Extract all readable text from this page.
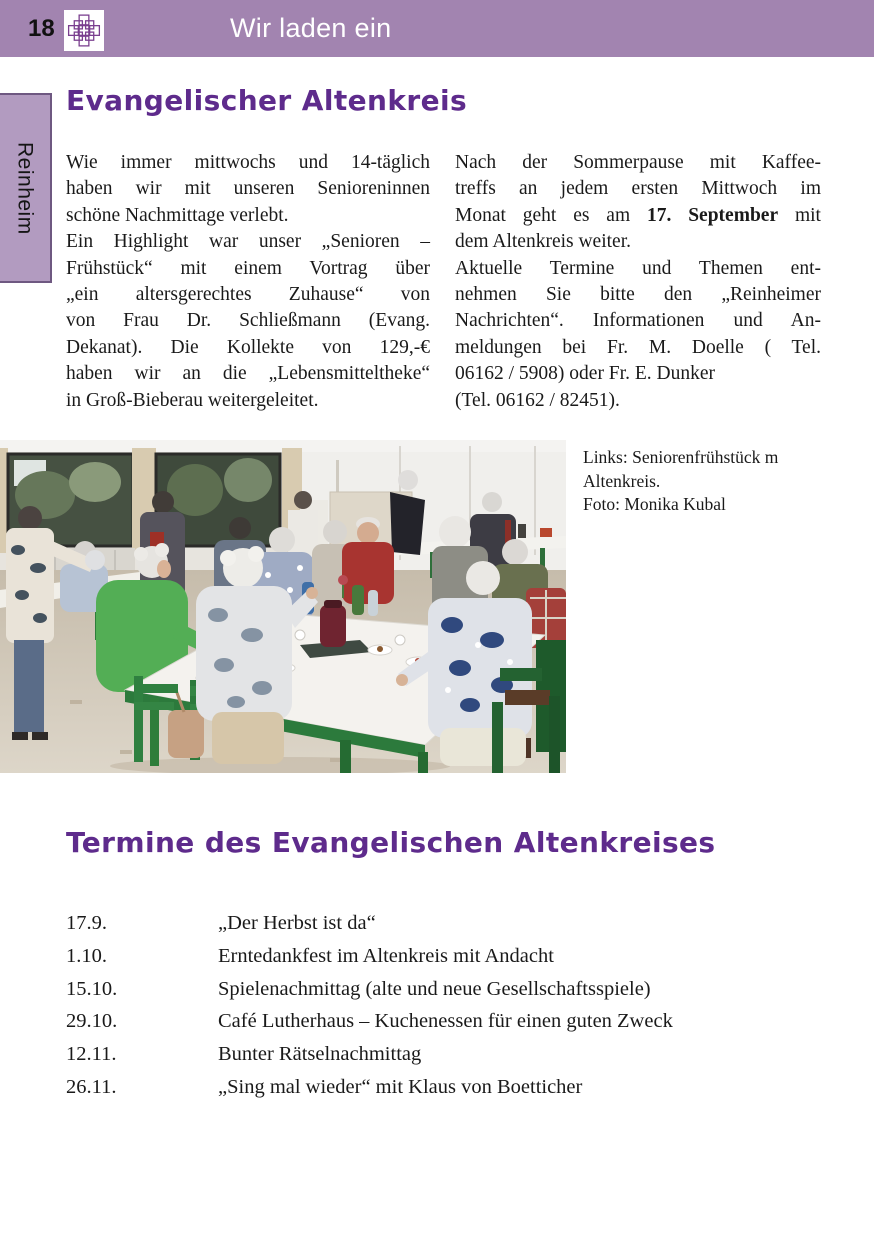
18	Wir laden ein
Reinheim
Evangelischer Altenkreis
Wie immer mittwochs und 14-täglich
haben wir mit unseren Senioreninnen
schöne Nachmittage verlebt.
Ein Highlight war unser „Senioren –
Frühstück“ mit einem Vortrag über
„ein altersgerechtes Zuhause“ von
von Frau Dr. Schließmann (Evang.
Dekanat). Die Kollekte von 129,-€
haben wir an die „Lebensmitteltheke“
in Groß-Bieberau weitergeleitet.
Nach der Sommerpause mit Kaffee-
treffs an jedem ersten Mittwoch im
Monat geht es am 17. September mit
dem Altenkreis weiter.
Aktuelle Termine und Themen ent-
nehmen Sie bitte den „Reinheimer
Nachrichten“. Informationen und An-
meldungen bei Fr. M. Doelle ( Tel.
06162 / 5908) oder Fr. E. Dunker
(Tel. 06162 / 82451).
Links: Seniorenfrühstück m
Altenkreis.
Foto: Monika Kubal
Termine des Evangelischen Altenkreises
17.9.	„Der Herbst ist da“
1.10.	Erntedankfest im Altenkreis mit Andacht
15.10.	Spielenachmittag (alte und neue Gesellschaftsspiele)
29.10.	Café Lutherhaus – Kuchenessen für einen guten Zweck
12.11.	Bunter Rätselnachmittag
26.11.	„Sing mal wieder“ mit Klaus von Boetticher
